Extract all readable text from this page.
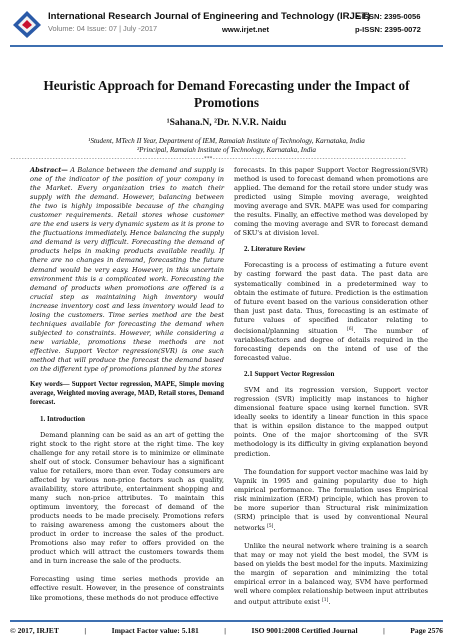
International Research Journal of Engineering and Technology (IRJET)
Volume: 04 Issue: 07 | July -2017	www.irjet.net
e-ISSN: 2395-0056
p-ISSN: 2395-0072
Heuristic Approach for Demand Forecasting under the Impact of Promotions
¹Sahana.N, ²Dr. N.V.R. Naidu
¹Student, MTech II Year, Department of IEM, Ramaiah Institute of Technology, Karnataka, India
²Principal, Ramaiah Institute of Technology, Karnataka, India
---------------------------------------------------------------------***---------------------------------------------------------------------

Abstract— A Balance between the demand and supply is one of the indicator of the position of your company in the Market. Every organization tries to match their supply with the demand. However, balancing between the two is highly impossible because of the changing customer requirements. Retail stores whose customer are the end users is very dynamic system as it is prone to the fluctuations immediately. Hence balancing the supply and demand is very difficult. Forecasting the demand of products helps in making products available readily. If there are no changes in demand, forecasting the future demand would be very easy. However, in this uncertain environment this is a complicated work. Forecasting the demand of products when promotions are offered is a crucial step as maintaining high inventory would increase inventory cost and less inventory would lead to losing the customers. Time series method are the best techniques available for forecasting the demand when subjected to constraints. However, while considering a new variable, promotions these methods are not effective. Support Vector regression(SVR) is one such method that will produce the forecast the demand based on the different type of promotions planned by the stores

Key words— Support Vector regression, MAPE, Simple moving average, Weighted moving average, MAD, Retail stores, Demand forecast.

1. Introduction

Demand planning can be said as an art of getting the right stock to the right store at the right time. The key challenge for any retail store is to minimize or eliminate shelf out of stock. Consumer behaviour has a significant value for retailers, more than ever. Today consumers are affected by various non-price factors such as quality, availability, store attribute, entertainment shopping and many such non-price attributes. To maintain this optimum inventory, the forecast of demand of the products needs to be made precisely. Promotions refers to raising awareness among the customers about the product in order to increase the sales of the product. Promotions also may refer to offers provided on the product which will attract the customers towards them and in turn increase the sale of the products.

Forecasting using time series methods provide an effective result. However, in the presence of constraints like promotions, these methods do not produce effective

forecasts. In this paper Support Vector Regression(SVR) method is used to forecast demand when promotions are applied. The demand for the retail store under study was predicted using Simple moving average, weighted moving average and SVR. MAPE was used for comparing the results. Finally, an effective method was developed by coming the moving average and SVR to forecast demand of SKU's at division level.

2. Literature Review

Forecasting is a process of estimating a future event by casting forward the past data. The past data are systematically combined in a predetermined way to obtain the estimate of future. Prediction is the estimation of future event based on the various consideration other than just past data. Thus, forecasting is an estimate of future values of specified indicator relating to decisional/planning situation [6]. The number of variables/factors and degree of details required in the forecasting depends on the intend of use of the forecasted value.

2.1 Support Vector Regression

SVM and its regression version, Support vector regression (SVR) implicitly map instances to higher dimensional feature space using kernel function. SVR ideally seeks to identify a linear function in this space that is within epsilon distance to the mapped output points. One of the major shortcoming of the SVR methodology is its difficulty in giving explanation beyond prediction.

The foundation for support vector machine was laid by Vapnik in 1995 and gaining popularity due to high empirical performance. The formulation uses Empirical risk minimization (ERM) principle, which has proven to be more superior than Structural risk minimization (SRM) principle that is used by conventional Neural networks [5].

Unlike the neural network where training is a search that may or may not yield the best model, the SVM is based on yields the best model for the inputs. Maximizing the margin of separation and minimizing the total empirical error in a balanced way, SVM have performed well where complex relationship between input attributes and output attribute exist [1].

© 2017, IRJET	|	Impact Factor value: 5.181	|	ISO 9001:2008 Certified Journal	|	Page 2576
